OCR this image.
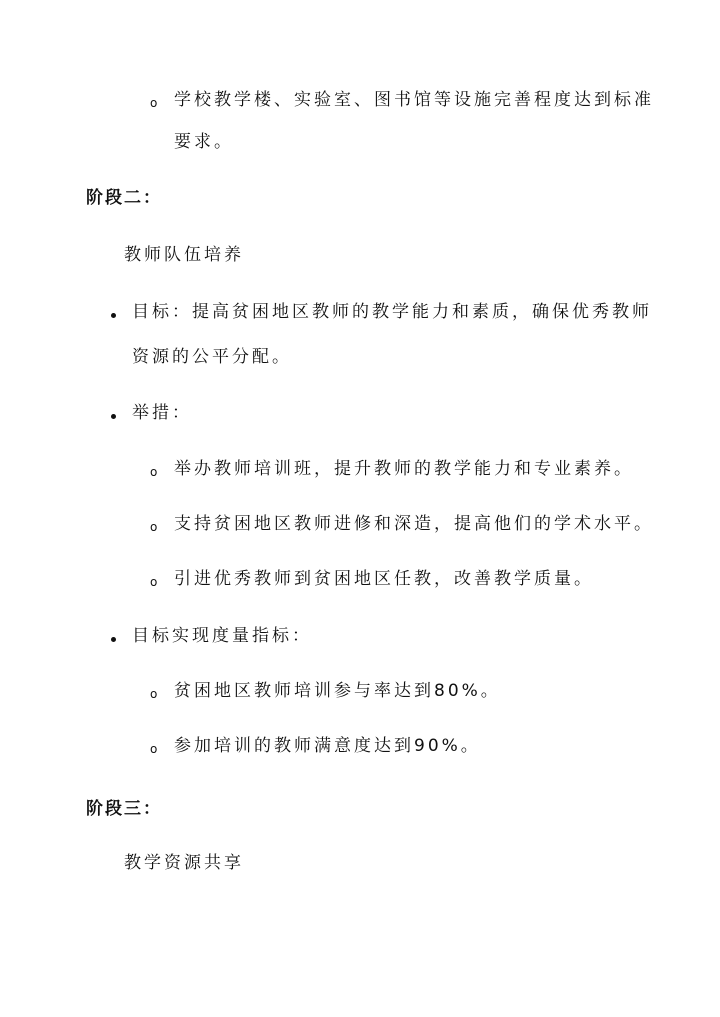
o 学校教学楼、实验室、图书馆等设施完善程度达到标准
要求。
阶段二：
教师队伍培养
目标：提高贫困地区教师的教学能力和素质，确保优秀教师
资源的公平分配。
举措：
o 举办教师培训班，提升教师的教学能力和专业素养。
o 支持贫困地区教师进修和深造，提高他们的学术水平。
o 引进优秀教师到贫困地区任教，改善教学质量。
目标实现度量指标：
o 贫困地区教师培训参与率达到80%。
o 参加培训的教师满意度达到90%。
阶段三：
教学资源共享
